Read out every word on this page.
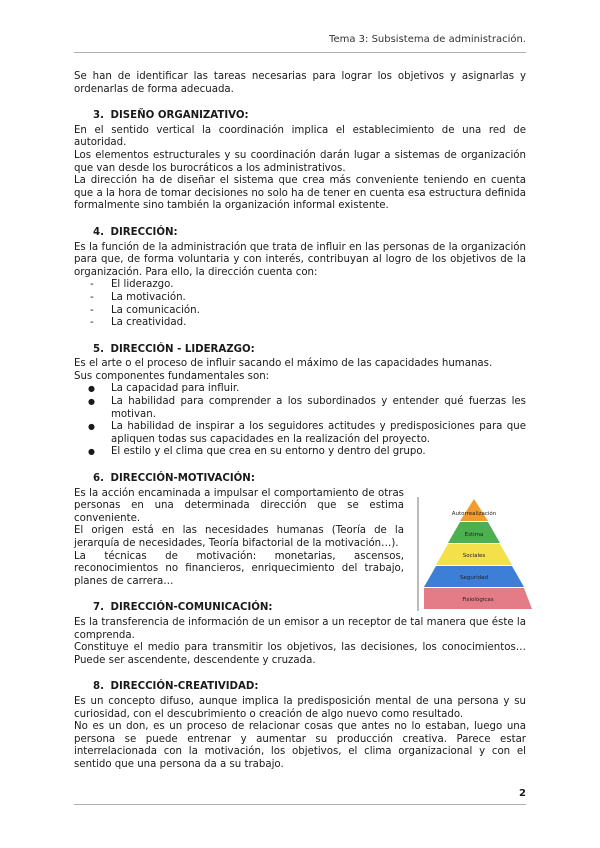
Tema 3: Subsistema de administración.

Se han de identificar las tareas necesarias para lograr los objetivos y asignarlas y ordenarlas de forma adecuada.

3. DISEÑO ORGANIZATIVO:

En el sentido vertical la coordinación implica el establecimiento de una red de autoridad.

Los elementos estructurales y su coordinación darán lugar a sistemas de organización que van desde los burocráticos a los administrativos.

La dirección ha de diseñar el sistema que crea más conveniente teniendo en cuenta que a la hora de tomar decisiones no solo ha de tener en cuenta esa estructura definida formalmente sino también la organización informal existente.

4. DIRECCIÓN:

Es la función de la administración que trata de influir en las personas de la organización para que, de forma voluntaria y con interés, contribuyan al logro de los objetivos de la organización. Para ello, la dirección cuenta con:

- El liderazgo.
- La motivación.
- La comunicación.
- La creatividad.
5. DIRECCIÓN - LIDERAZGO:

Es el arte o el proceso de influir sacando el máximo de las capacidades humanas.

Sus componentes fundamentales son:

● La capacidad para influir.
● La habilidad para comprender a los subordinados y entender qué fuerzas les motivan.
● La habilidad de inspirar a los seguidores actitudes y predisposiciones para que apliquen todas sus capacidades en la realización del proyecto.
● El estilo y el clima que crea en su entorno y dentro del grupo.
6. DIRECCIÓN-MOTIVACIÓN:

Es la acción encaminada a impulsar el comportamiento de otras personas en una determinada dirección que se estima conveniente.

El origen está en las necesidades humanas (Teoría de la jerarquía de necesidades, Teoría bifactorial de la motivación…).

La técnicas de motivación: monetarias, ascensos, reconocimientos no financieros, enriquecimiento del trabajo, planes de carrera…

Autorrealización
Estima
Sociales
Seguridad
Fisiológicas
7. DIRECCIÓN-COMUNICACIÓN:

Es la transferencia de información de un emisor a un receptor de tal manera que éste la comprenda.

Constituye el medio para transmitir los objetivos, las decisiones, los conocimientos… Puede ser ascendente, descendente y cruzada.

8. DIRECCIÓN-CREATIVIDAD:

Es un concepto difuso, aunque implica la predisposición mental de una persona y su curiosidad, con el descubrimiento o creación de algo nuevo como resultado.

No es un don, es un proceso de relacionar cosas que antes no lo estaban, luego una persona se puede entrenar y aumentar su producción creativa. Parece estar interrelacionada con la motivación, los objetivos, el clima organizacional y con el sentido que una persona da a su trabajo.

2
